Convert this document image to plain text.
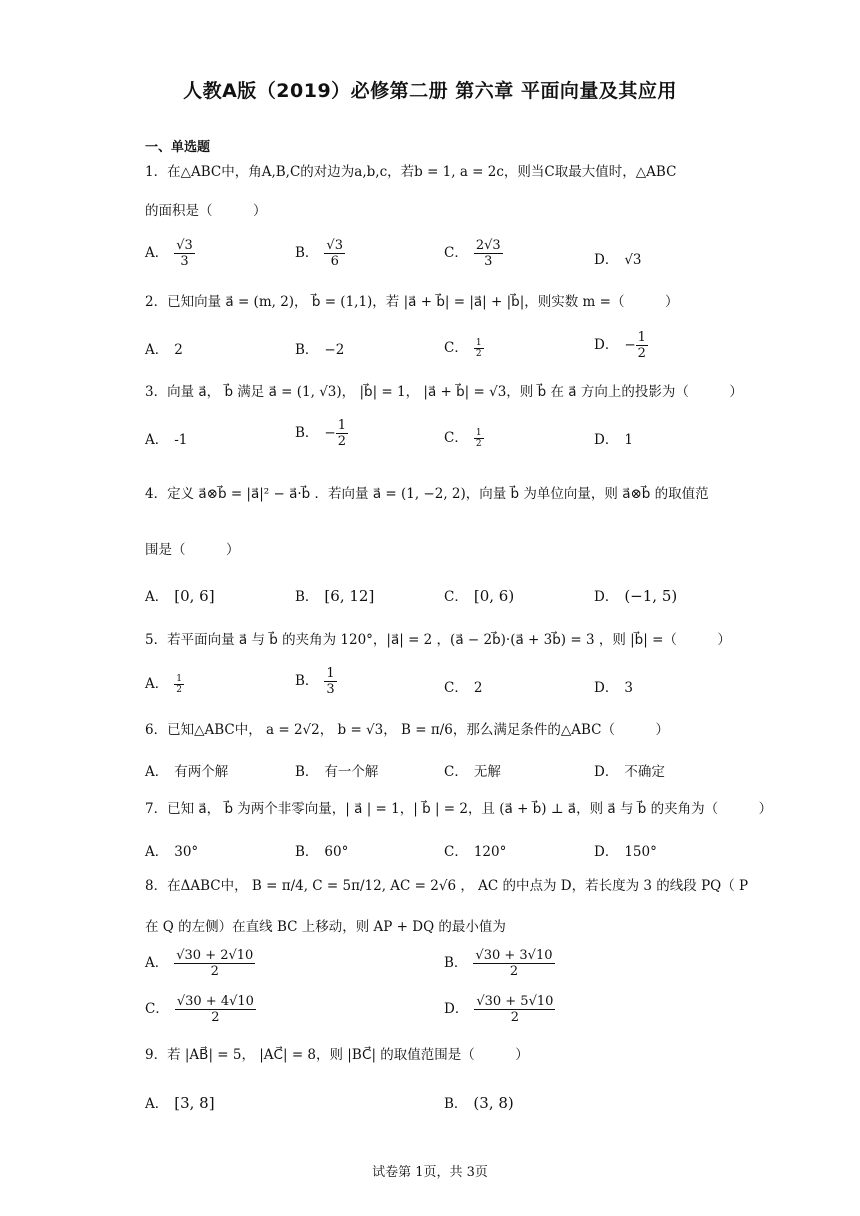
人教A版（2019）必修第二册 第六章 平面向量及其应用
一、单选题
1．在△ABC中，角A,B,C的对边为a,b,c，若b = 1, a = 2c，则当C取最大值时，△ABC
的面积是（　　　）
A． $\frac{√3}{3}$	B． $\frac{√3}{6}$	C． $\frac{2√3}{3}$	D． √3
2．已知向量 a⃗ = (m, 2)， b⃗ = (1,1)，若 |a⃗ + b⃗| = |a⃗| + |b⃗|，则实数 m =（　　　）
A． 2	B． −2	C． $\frac{1}{2}$	D． − $\frac{1}{2}$
3．向量 a⃗， b⃗ 满足 a⃗ = (1, √3)， |b⃗| = 1， |a⃗ + b⃗| = √3，则 b⃗ 在 a⃗ 方向上的投影为（　　　）
A． -1	B． − $\frac{1}{2}$	C． $\frac{1}{2}$	D． 1
4．定义 a⃗⊗b⃗ = |a⃗|² − a⃗·b⃗ ．若向量 a⃗ = (1, −2, 2)，向量 b⃗ 为单位向量，则 a⃗⊗b⃗ 的取值范
围是（　　　）
A． [0, 6]	B． [6, 12]	C． [0, 6)	D． (−1, 5)
5．若平面向量 a⃗ 与 b⃗ 的夹角为 120°，|a⃗| = 2 ，(a⃗ − 2b⃗)·(a⃗ + 3b⃗) = 3 ，则 |b⃗| =（　　　）
A． $\frac{1}{2}$	B． $\frac{1}{3}$	C． 2	D． 3
6．已知△ABC中， a = 2√2， b = √3， B = π/6，那么满足条件的△ABC（　　　）
A． 有两个解	B． 有一个解	C． 无解	D． 不确定
7．已知 a⃗， b⃗ 为两个非零向量，| a⃗ | = 1，| b⃗ | = 2，且 (a⃗ + b⃗) ⊥ a⃗，则 a⃗ 与 b⃗ 的夹角为（　　　）
A． 30°	B． 60°	C． 120°	D． 150°
8．在ΔABC中， B = π/4, C = 5π/12, AC = 2√6 ， AC 的中点为 D，若长度为 3 的线段 PQ（ P
在 Q 的左侧）在直线 BC 上移动，则 AP + DQ 的最小值为
A． $\frac{√30 + 2√10}{2}$	B． $\frac{√30 + 3√10}{2}$
C． $\frac{√30 + 4√10}{2}$	D． $\frac{√30 + 5√10}{2}$
9．若 |AB⃗| = 5， |AC⃗| = 8，则 |BC⃗| 的取值范围是（　　　）
A． [3, 8]	B． (3, 8)
试卷第 1页，共 3页
